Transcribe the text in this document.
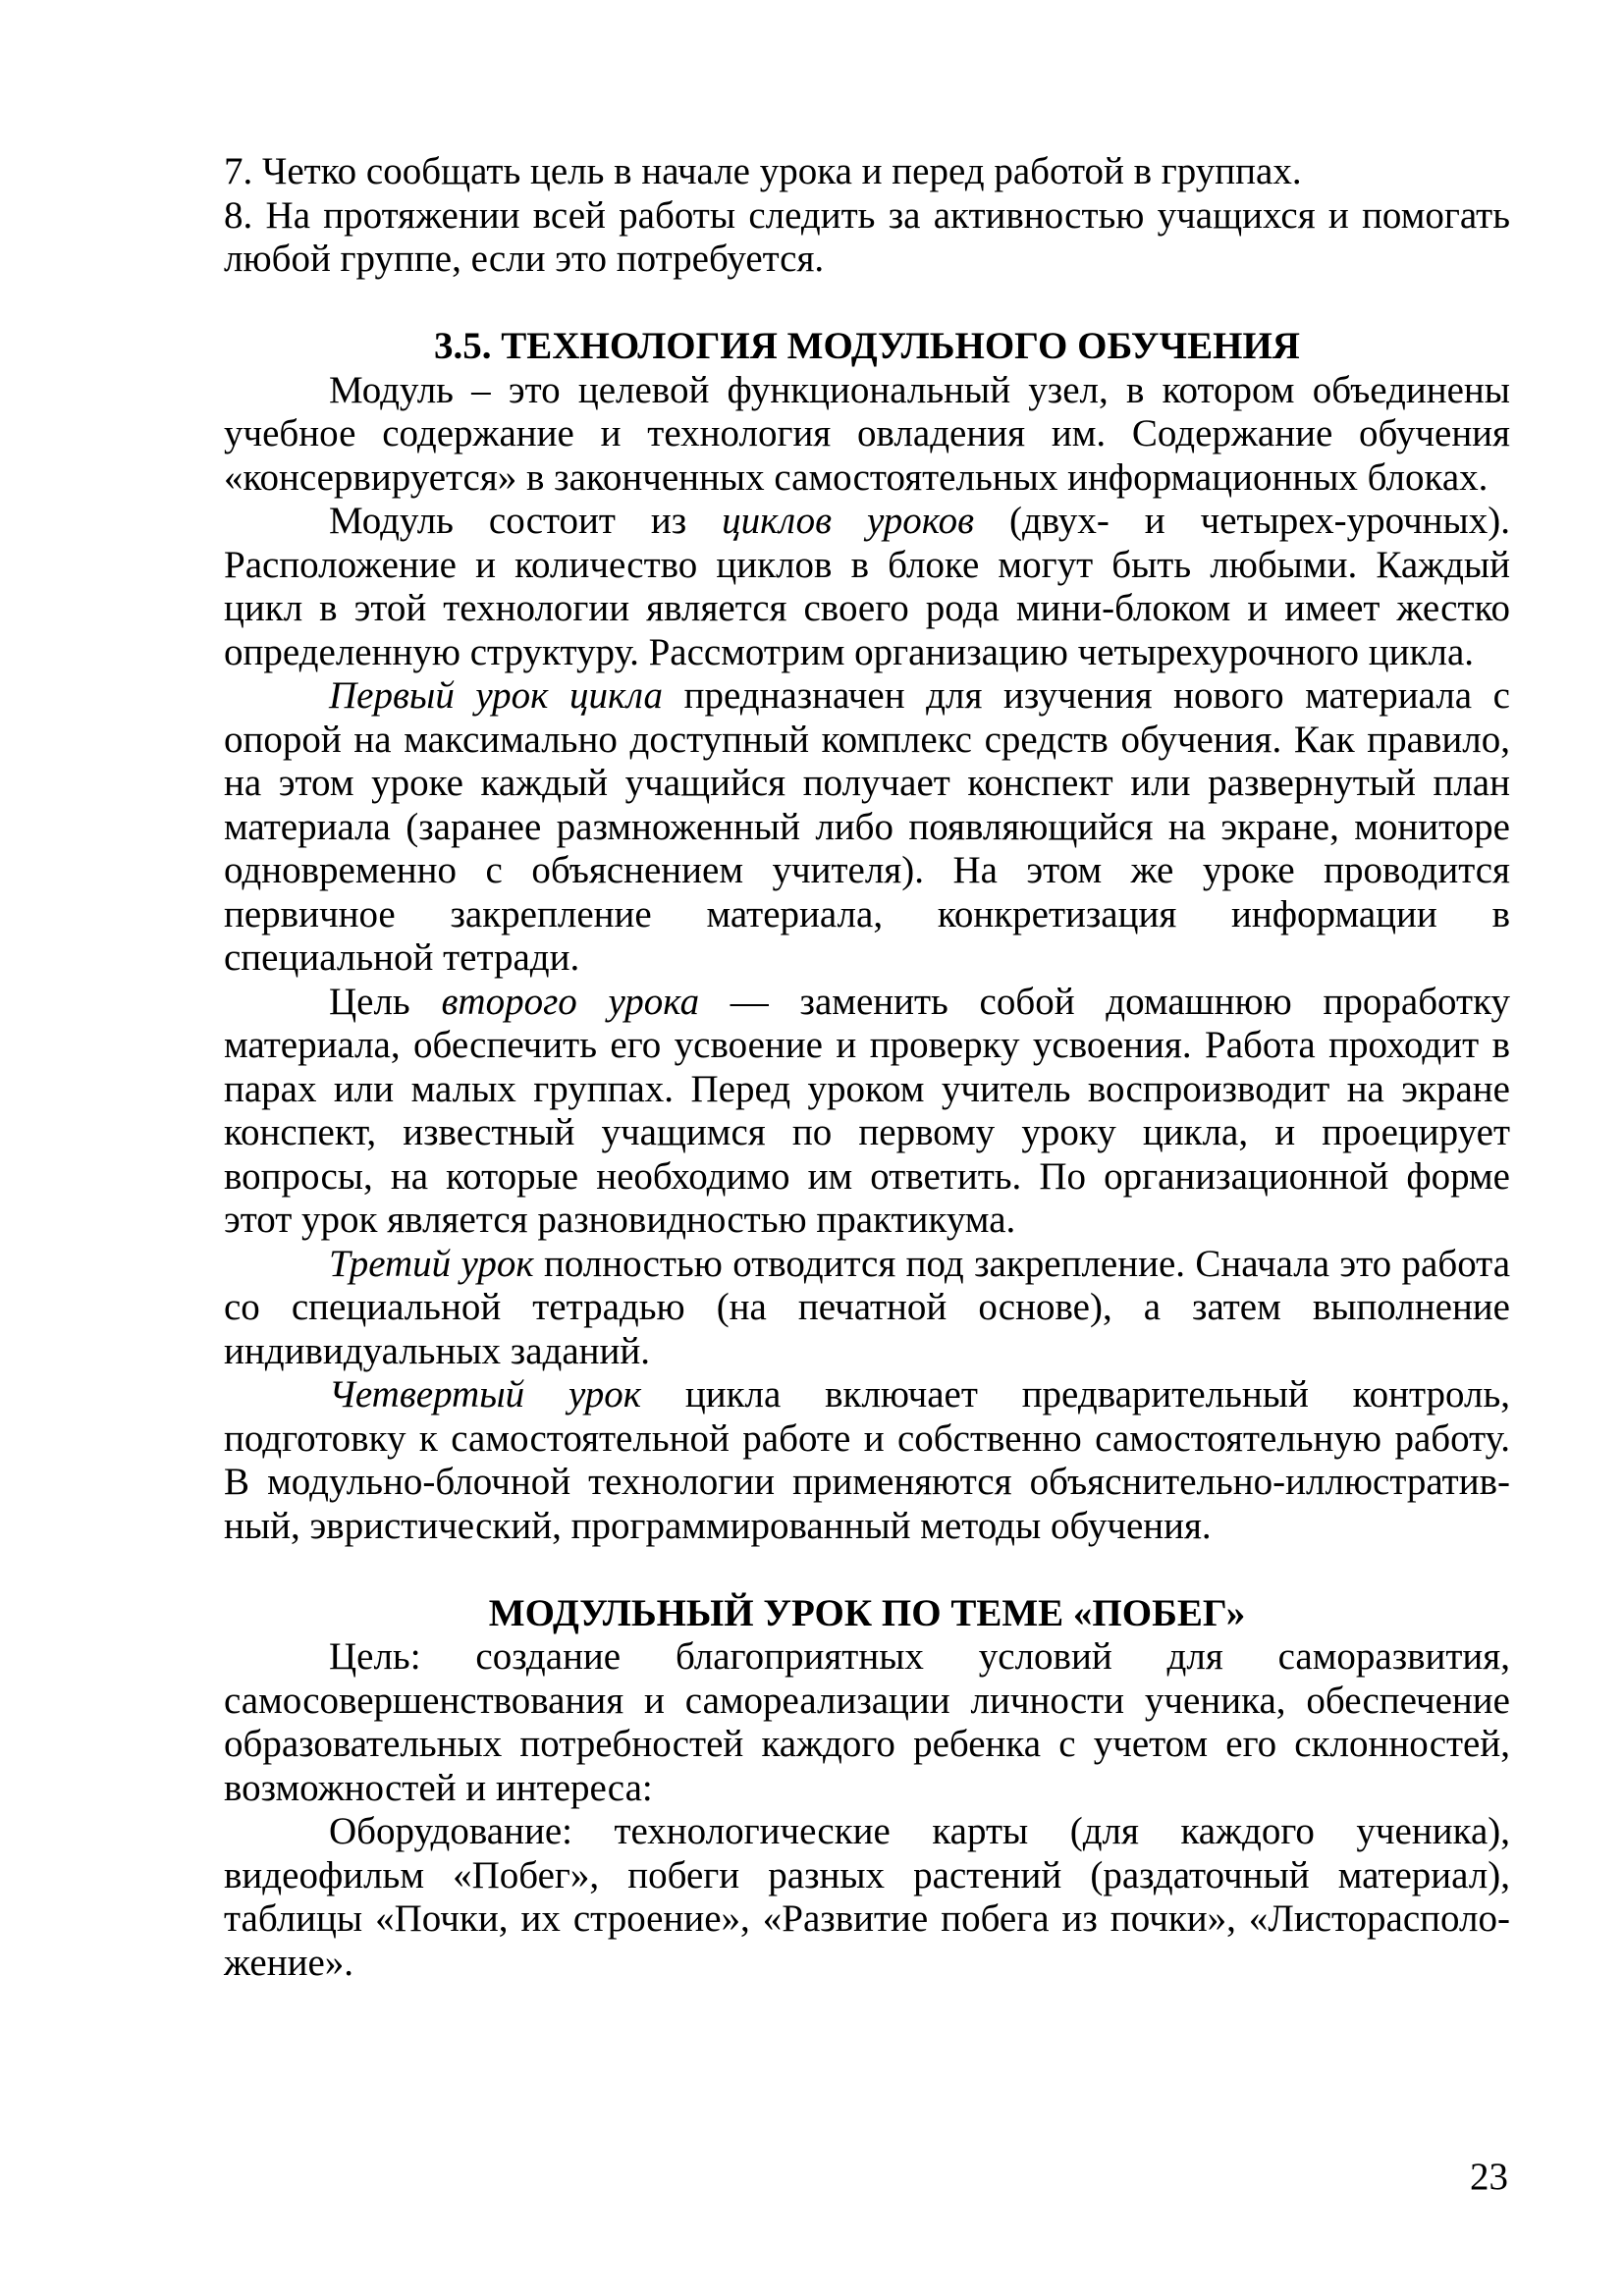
7. Четко сообщать цель в начале урока и перед работой в группах.
8. На протяжении всей работы следить за активностью учащихся и помогать
любой группе, если это потребуется.
3.5. ТЕХНОЛОГИЯ МОДУЛЬНОГО ОБУЧЕНИЯ
Модуль – это целевой функциональный узел, в котором объединены
учебное содержание и технология овладения им. Содержание обучения
«консервируется» в законченных самостоятельных информационных блоках.
Модуль состоит из циклов уроков (двух- и четырех-урочных).
Расположение и количество циклов в блоке могут быть любыми. Каждый
цикл в этой технологии является своего рода мини-блоком и имеет жестко
определенную структуру. Рассмотрим организацию четырехурочного цикла.
Первый урок цикла предназначен для изучения нового материала с
опорой на максимально доступный комплекс средств обучения. Как правило,
на этом уроке каждый учащийся получает конспект или развернутый план
материала (заранее размноженный либо появляющийся на экране, мониторе
одновременно с объяснением учителя). На этом же уроке проводится
первичное закрепление материала, конкретизация информации в
специальной тетради.
Цель второго урока — заменить собой домашнюю проработку
материала, обеспечить его усвоение и проверку усвоения. Работа проходит в
парах или малых группах. Перед уроком учитель воспроизводит на экране
конспект, известный учащимся по первому уроку цикла, и проецирует
вопросы, на которые необходимо им ответить. По организационной форме
этот урок является разновидностью практикума.
Третий урок полностью отводится под закрепление. Сначала это работа
со специальной тетрадью (на печатной основе), а затем выполнение
индивидуальных заданий.
Четвертый урок цикла включает предварительный контроль,
подготовку к самостоятельной работе и собственно самостоятельную работу.
В модульно-блочной технологии применяются объяснительно-иллюстратив-
ный, эвристический, программированный методы обучения.
МОДУЛЬНЫЙ УРОК ПО ТЕМЕ «ПОБЕГ»
Цель: создание благоприятных условий для саморазвития,
самосовершенствования и самореализации личности ученика, обеспечение
образовательных потребностей каждого ребенка с учетом его склонностей,
возможностей и интереса:
Оборудование: технологические карты (для каждого ученика),
видеофильм «Побег», побеги разных растений (раздаточный материал),
таблицы «Почки, их строение», «Развитие побега из почки», «Листорасполо-
жение».
23
